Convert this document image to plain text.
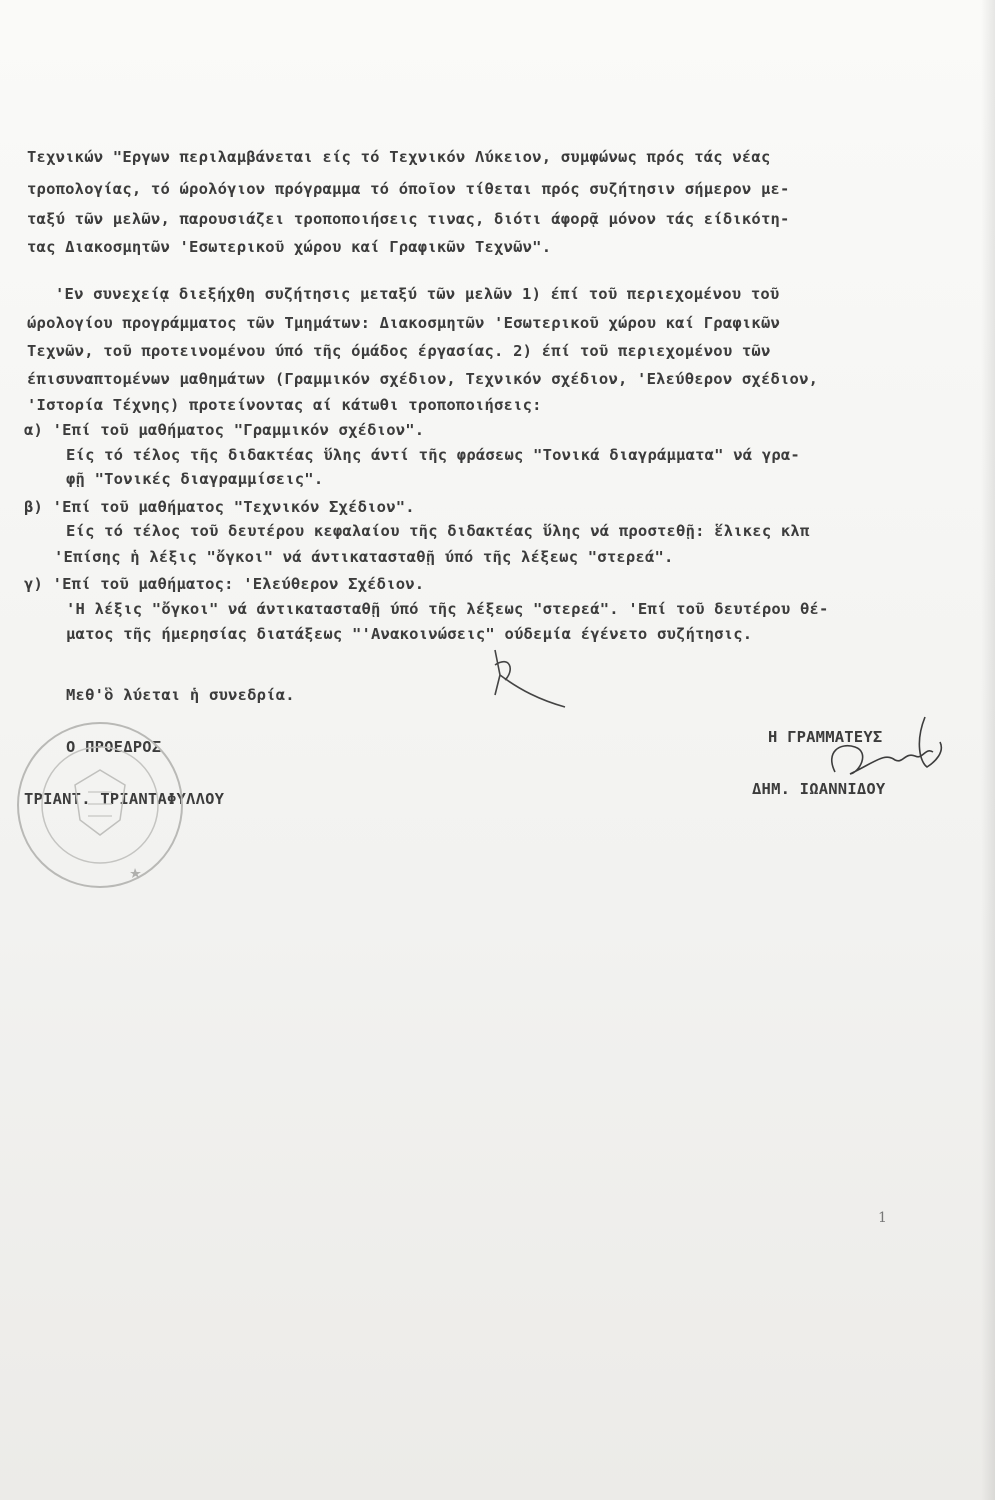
Τεχνικών "Εργων περιλαμβάνεται είς τό Τεχνικόν Λύκειον, συμφώνως πρός τάς νέας
τροπολογίας, τό ώρολόγιον πρόγραμμα τό όποῖον τίθεται πρός συζήτησιν σήμερον με-
ταξύ τῶν μελῶν, παρουσιάζει τροποποιήσεις τινας, διότι άφορᾷ μόνον τάς είδικότη-
τας Διακοσμητῶν 'Εσωτερικοῦ χώρου καί Γραφικῶν Τεχνῶν".
'Εν συνεχείᾳ διεξήχθη συζήτησις μεταξύ τῶν μελῶν 1) έπί τοῦ περιεχομένου τοῦ
ώρολογίου προγράμματος τῶν Τμημάτων: Διακοσμητῶν 'Εσωτερικοῦ χώρου καί Γραφικῶν
Τεχνῶν, τοῦ προτεινομένου ύπό τῆς όμάδος έργασίας. 2) έπί τοῦ περιεχομένου τῶν
έπισυναπτομένων μαθημάτων (Γραμμικόν σχέδιον, Τεχνικόν σχέδιον, 'Ελεύθερον σχέδιον,
'Ιστορία Τέχνης) προτείνοντας αί κάτωθι τροποποιήσεις:
α) 'Επί τοῦ μαθήματος "Γραμμικόν σχέδιον".
Είς τό τέλος τῆς διδακτέας ὕλης άντί τῆς φράσεως "Τονικά διαγράμματα" νά γρα-
φῇ "Τονικές διαγραμμίσεις".
β) 'Επί τοῦ μαθήματος "Τεχνικόν Σχέδιον".
Είς τό τέλος τοῦ δευτέρου κεφαλαίου τῆς διδακτέας ὕλης νά προστεθῇ: ἕλικες κλπ
'Επίσης ἡ λέξις "ὄγκοι" νά άντικατασταθῇ ύπό τῆς λέξεως "στερεά".
γ) 'Επί τοῦ μαθήματος: 'Ελεύθερον Σχέδιον.
'Η λέξις "ὄγκοι" νά άντικατασταθῇ ύπό τῆς λέξεως "στερεά". 'Επί τοῦ δευτέρου θέ-
ματος τῆς ήμερησίας διατάξεως "'Ανακοινώσεις" ούδεμία έγένετο συζήτησις.
Μεθ'ὃ λύεται ἡ συνεδρία.
Ο ΠΡΟΕΔΡΟΣ
ΤΡΙΑΝΤ. ΤΡΙΑΝΤΑΦΥΛΛΟΥ
Η ΓΡΑΜΜΑΤΕΥΣ
ΔΗΜ. ΙΩΑΝΝΙΔΟΥ
1
